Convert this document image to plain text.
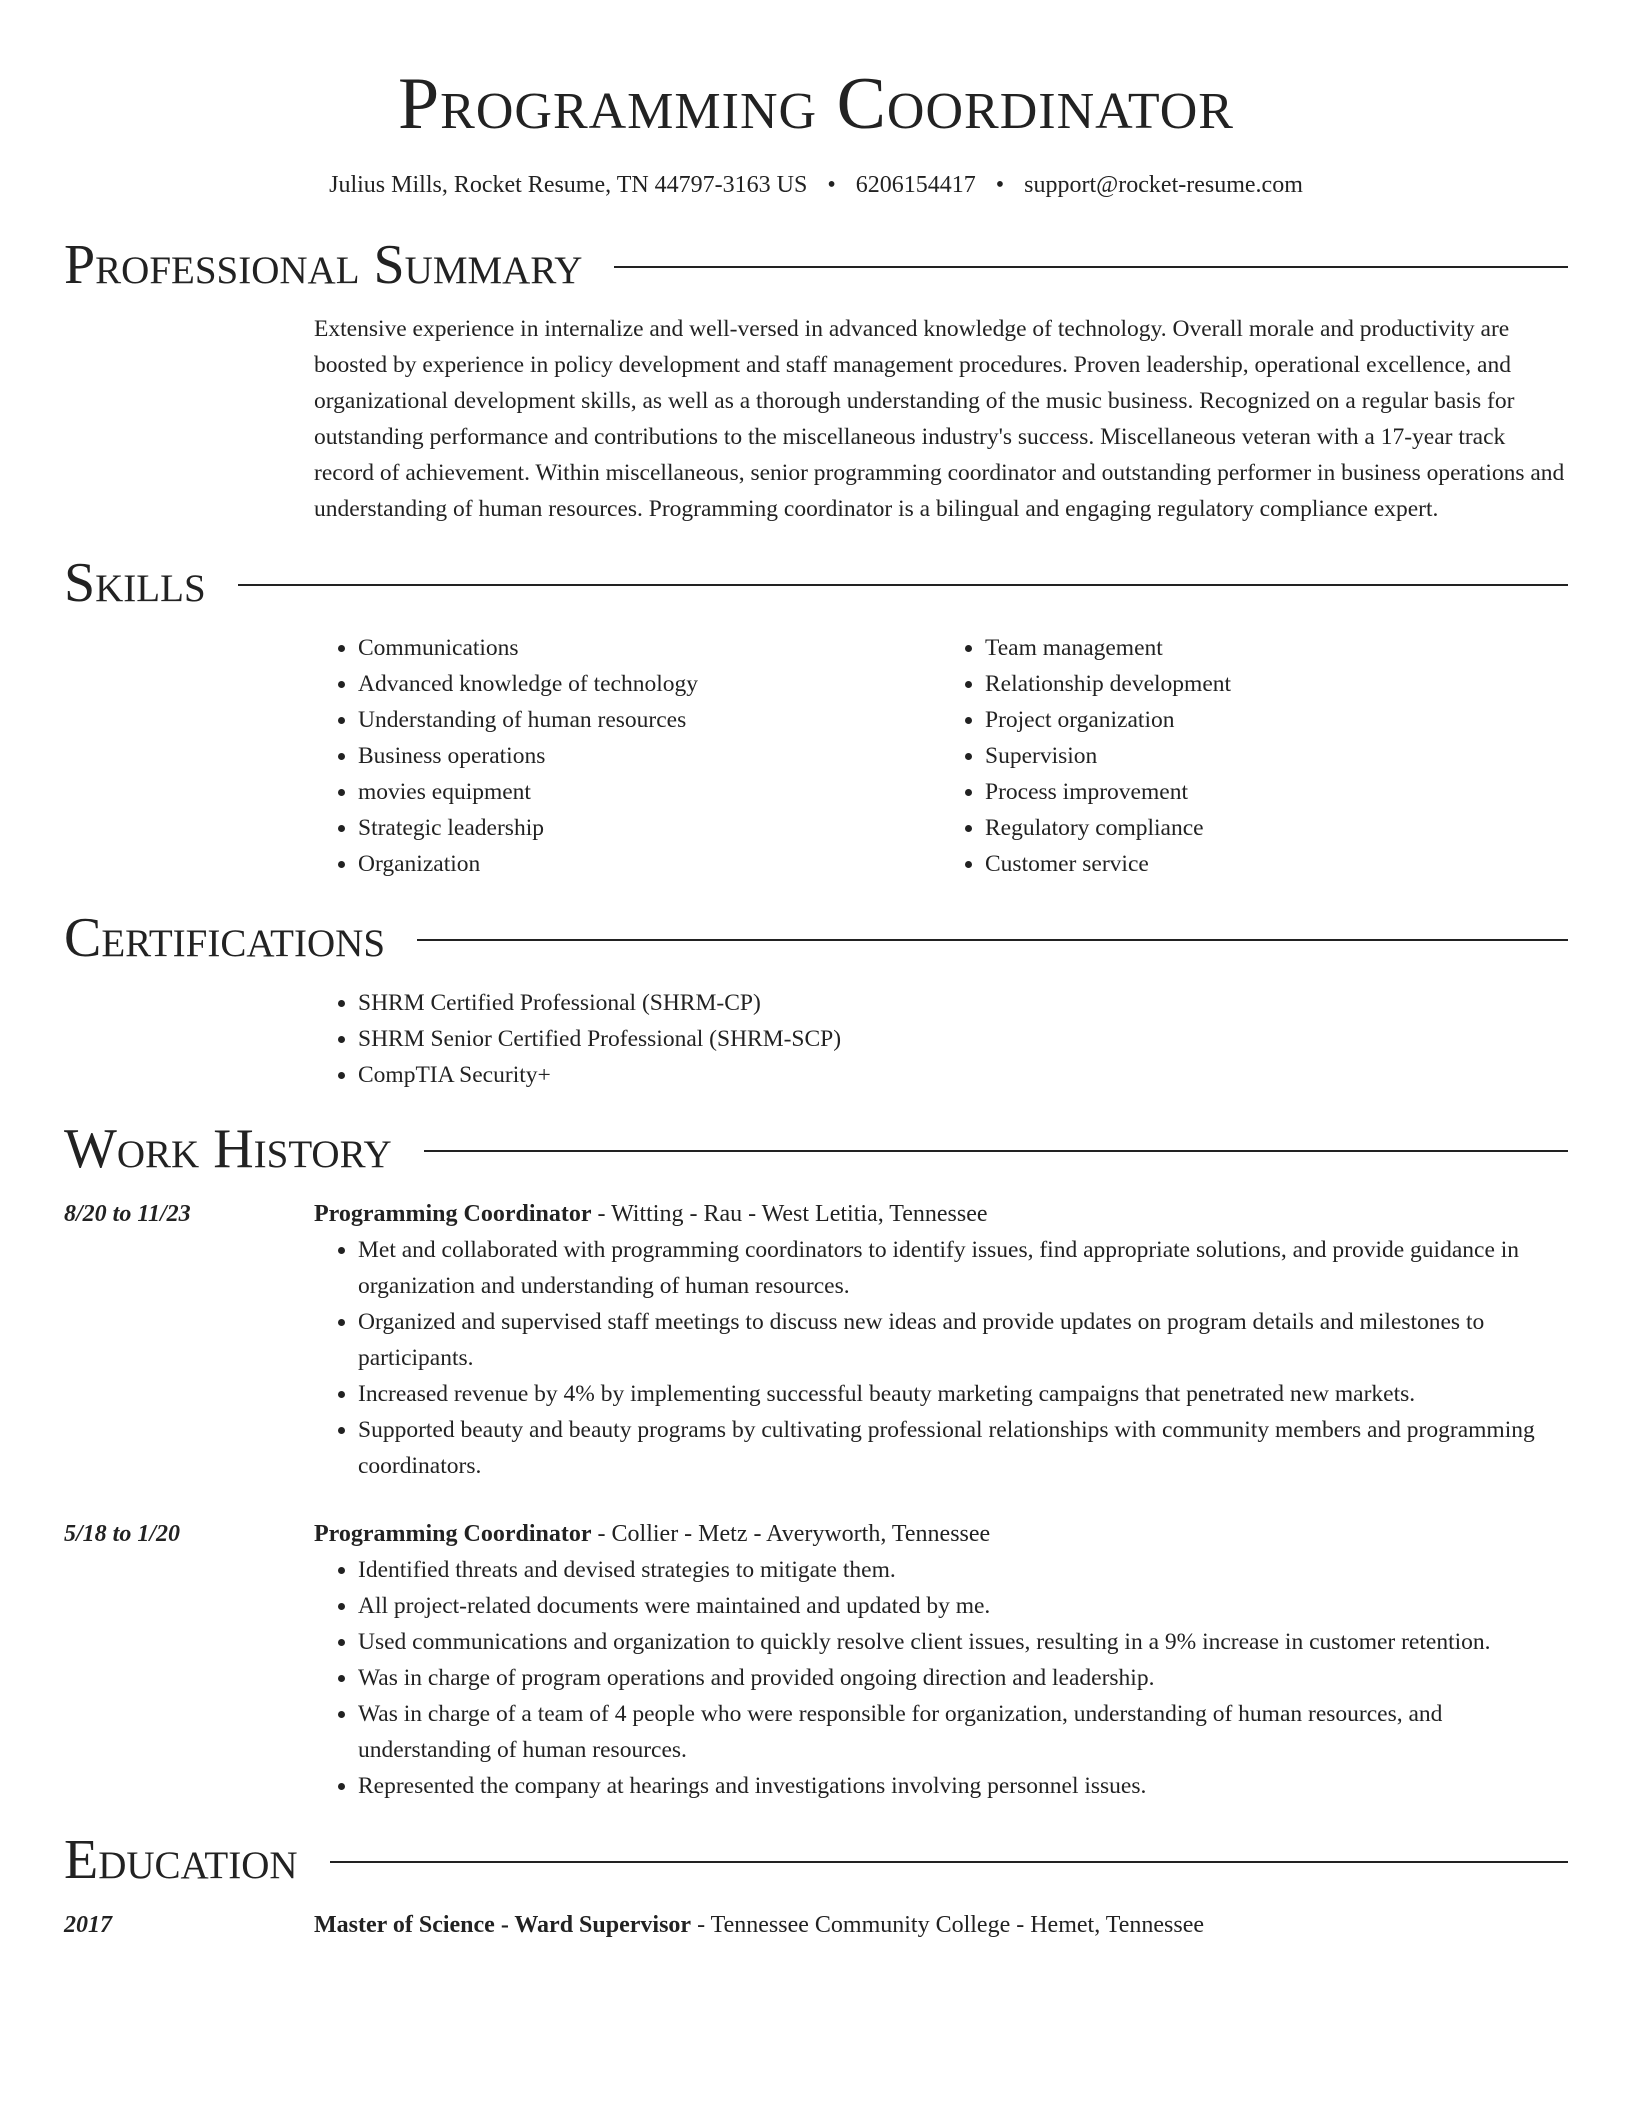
Programming Coordinator
Julius Mills, Rocket Resume, TN 44797-3163 US • 6206154417 • support@rocket-resume.com
Professional Summary
Extensive experience in internalize and well-versed in advanced knowledge of technology. Overall morale and productivity are boosted by experience in policy development and staff management procedures. Proven leadership, operational excellence, and organizational development skills, as well as a thorough understanding of the music business. Recognized on a regular basis for outstanding performance and contributions to the miscellaneous industry's success. Miscellaneous veteran with a 17-year track record of achievement. Within miscellaneous, senior programming coordinator and outstanding performer in business operations and understanding of human resources. Programming coordinator is a bilingual and engaging regulatory compliance expert.
Skills
• Communications
• Advanced knowledge of technology
• Understanding of human resources
• Business operations
• movies equipment
• Strategic leadership
• Organization
• Team management
• Relationship development
• Project organization
• Supervision
• Process improvement
• Regulatory compliance
• Customer service
Certifications
• SHRM Certified Professional (SHRM-CP)
• SHRM Senior Certified Professional (SHRM-SCP)
• CompTIA Security+
Work History
8/20 to 11/23	Programming Coordinator - Witting - Rau - West Letitia, Tennessee
• Met and collaborated with programming coordinators to identify issues, find appropriate solutions, and provide guidance in organization and understanding of human resources.
• Organized and supervised staff meetings to discuss new ideas and provide updates on program details and milestones to participants.
• Increased revenue by 4% by implementing successful beauty marketing campaigns that penetrated new markets.
• Supported beauty and beauty programs by cultivating professional relationships with community members and programming coordinators.
5/18 to 1/20	Programming Coordinator - Collier - Metz - Averyworth, Tennessee
• Identified threats and devised strategies to mitigate them.
• All project-related documents were maintained and updated by me.
• Used communications and organization to quickly resolve client issues, resulting in a 9% increase in customer retention.
• Was in charge of program operations and provided ongoing direction and leadership.
• Was in charge of a team of 4 people who were responsible for organization, understanding of human resources, and understanding of human resources.
• Represented the company at hearings and investigations involving personnel issues.
Education
2017	Master of Science - Ward Supervisor - Tennessee Community College - Hemet, Tennessee
